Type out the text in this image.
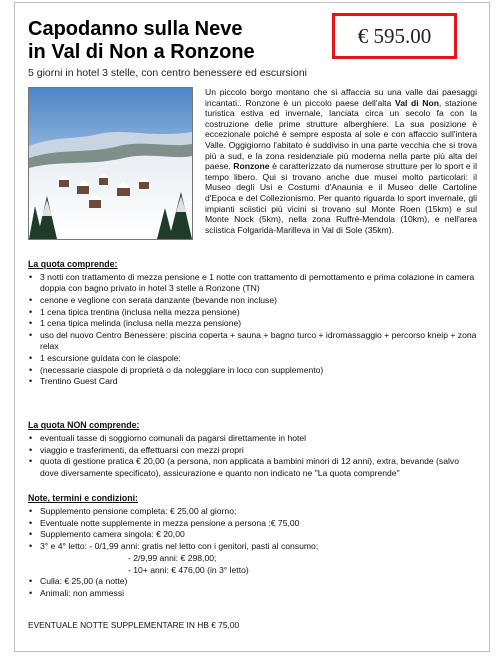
Capodanno sulla Neve
in Val di Non a Ronzone
5 giorni in hotel 3 stelle, con centro benessere ed escursioni
€ 595.00
Un piccolo borgo montano che si affaccia su una valle dai paesaggi incantati.. Ronzone è un piccolo paese dell'alta Val di Non, stazione turistica estiva ed invernale, lanciata circa un secolo fa con la costruzione delle prime strutture alberghiere. La sua posizione è eccezionale poiché è sempre esposta al sole e con affaccio sull'intera Valle. Oggigiorno l'abitato è suddiviso in una parte vecchia che si trova più a sud, e la zona residenziale più moderna nella parte più alta del paese. Ronzone è caratterizzato da numerose strutture per lo sport e il tempo libero. Qui si trovano anche due musei molto particolari: il Museo degli Usi e Costumi d'Anaunia e il Museo delle Cartoline d'Epoca e del Collezionismo. Per quanto riguarda lo sport invernale, gli impianti sciistici più vicini si trovano sul Monte Roen (15km) e sul Monte Nock (5km), nella zona Ruffrè-Mendola (10km), e nell'area sciistica Folgarida-Marilleva in Val di Sole (35km).
La quota comprende:
• 3 notti con trattamento di mezza pensione e 1 notte con trattamento di pernottamento e prima colazione in camera doppia con bagno privato in hotel 3 stelle a Ronzone (TN)
• cenone e veglione con serata danzante (bevande non incluse)
• 1 cena tipica trentina (inclusa nella mezza pensione)
• 1 cena tipica melinda (inclusa nella mezza pensione)
• uso del nuovo Centro Benessere: piscina coperta + sauna + bagno turco + idromassaggio + percorso kneip + zona relax
• 1 escursione guidata con le ciaspole:
• (necessarie ciaspole di proprietà o da noleggiare in loco con supplemento)
• Trentino Guest Card
La quota NON comprende:
• eventuali tasse di soggiorno comunali da pagarsi direttamente in hotel
• viaggio e trasferimenti, da effettuarsi con mezzi propri
• quota di gestione pratica € 20,00 (a persona, non applicata a bambini minori di 12 anni), extra, bevande (salvo dove diversamente specificato), assicurazione e quanto non indicato ne "La quota comprende"
Note, termini e condizioni:
• Supplemento pensione completa: € 25,00 al giorno;
• Eventuale notte supplemente in mezza pensione a persona :€ 75,00
• Supplemento camera singola: € 20,00
• 3° e 4° letto: - 0/1,99 anni: gratis nel letto con i genitori, pasti al consumo;
- 2/9,99 anni: € 298,00;
- 10+ anni: € 476,00 (in 3° letto)
• Culla: € 25,00 (a notte)
• Animali: non ammessi
EVENTUALE NOTTE SUPPLEMENTARE IN HB € 75,00
